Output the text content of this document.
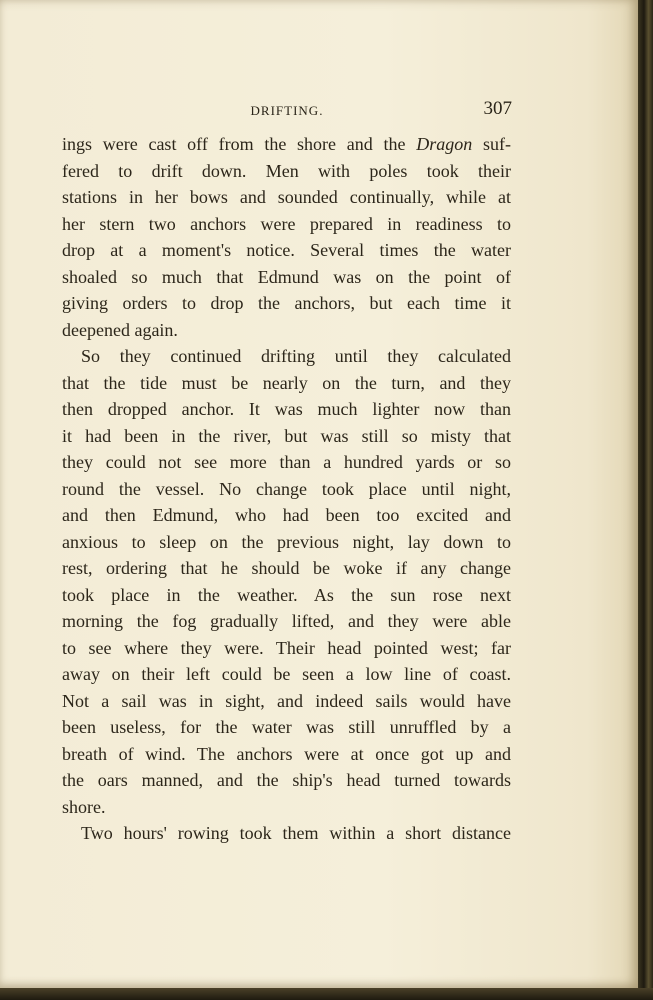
DRIFTING.	307
ings were cast off from the shore and the Dragon suf-
fered to drift down. Men with poles took their
stations in her bows and sounded continually, while at
her stern two anchors were prepared in readiness to
drop at a moment's notice. Several times the water
shoaled so much that Edmund was on the point of
giving orders to drop the anchors, but each time it
deepened again.
So they continued drifting until they calculated
that the tide must be nearly on the turn, and they
then dropped anchor. It was much lighter now than
it had been in the river, but was still so misty that
they could not see more than a hundred yards or so
round the vessel. No change took place until night,
and then Edmund, who had been too excited and
anxious to sleep on the previous night, lay down to
rest, ordering that he should be woke if any change
took place in the weather. As the sun rose next
morning the fog gradually lifted, and they were able
to see where they were. Their head pointed west; far
away on their left could be seen a low line of coast.
Not a sail was in sight, and indeed sails would have
been useless, for the water was still unruffled by a
breath of wind. The anchors were at once got up and
the oars manned, and the ship's head turned towards
shore.
Two hours' rowing took them within a short distance
